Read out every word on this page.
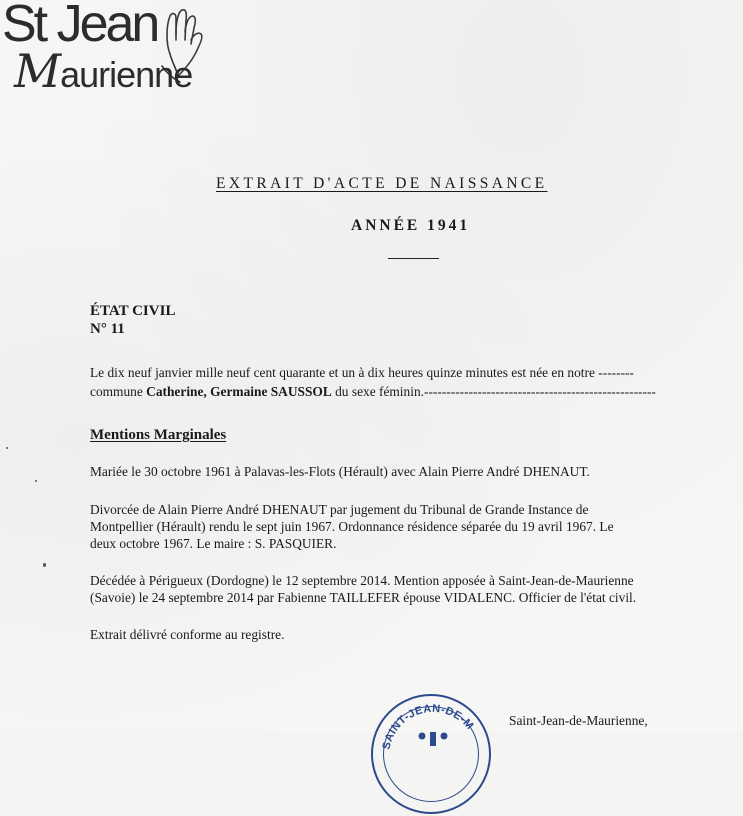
St Jean
Maurienne
EXTRAIT D'ACTE DE NAISSANCE
ANNÉE 1941
ÉTAT CIVIL
N° 11
Le dix neuf janvier mille neuf cent quarante et un à dix heures quinze minutes est née en notre --------
commune Catherine, Germaine SAUSSOL du sexe féminin.----------------------------------------------------
Mentions Marginales
Mariée le 30 octobre 1961 à Palavas-les-Flots (Hérault) avec Alain Pierre André DHENAUT.
Divorcée de Alain Pierre André DHENAUT par jugement du Tribunal de Grande Instance de
Montpellier (Hérault) rendu le sept juin 1967. Ordonnance résidence séparée du 19 avril 1967. Le
deux octobre 1967. Le maire : S. PASQUIER.
Décédée à Périgueux (Dordogne) le 12 septembre 2014. Mention apposée à Saint-Jean-de-Maurienne
(Savoie) le 24 septembre 2014 par Fabienne TAILLEFER épouse VIDALENC. Officier de l'état civil.
Extrait délivré conforme au registre.
SAINT-JEAN-DE-M Saint-Jean-de-Maurienne,
